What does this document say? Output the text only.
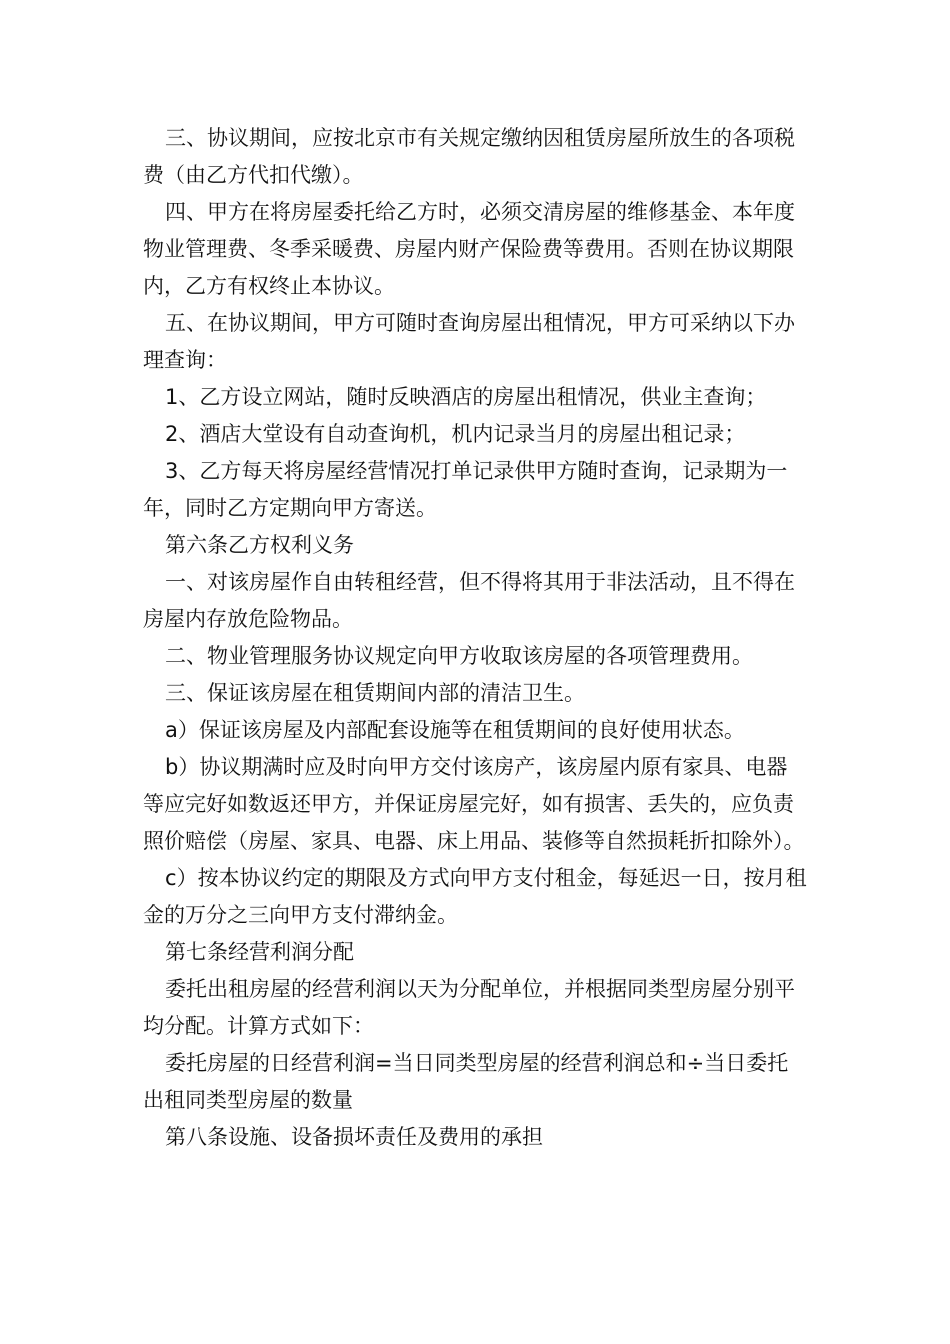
三、协议期间，应按北京市有关规定缴纳因租赁房屋所放生的各项税费（由乙方代扣代缴）。

四、甲方在将房屋委托给乙方时，必须交清房屋的维修基金、本年度物业管理费、冬季采暖费、房屋内财产保险费等费用。否则在协议期限内，乙方有权终止本协议。

五、在协议期间，甲方可随时查询房屋出租情况，甲方可采纳以下办理查询：

1、乙方设立网站，随时反映酒店的房屋出租情况，供业主查询；

2、酒店大堂设有自动查询机，机内记录当月的房屋出租记录；

3、乙方每天将房屋经营情况打单记录供甲方随时查询，记录期为一年，同时乙方定期向甲方寄送。

第六条乙方权利义务

一、对该房屋作自由转租经营，但不得将其用于非法活动，且不得在房屋内存放危险物品。

二、物业管理服务协议规定向甲方收取该房屋的各项管理费用。

三、保证该房屋在租赁期间内部的清洁卫生。

a）保证该房屋及内部配套设施等在租赁期间的良好使用状态。

b）协议期满时应及时向甲方交付该房产，该房屋内原有家具、电器等应完好如数返还甲方，并保证房屋完好，如有损害、丢失的，应负责照价赔偿（房屋、家具、电器、床上用品、装修等自然损耗折扣除外）。

c）按本协议约定的期限及方式向甲方支付租金，每延迟一日，按月租金的万分之三向甲方支付滞纳金。

第七条经营利润分配

委托出租房屋的经营利润以天为分配单位，并根据同类型房屋分别平均分配。计算方式如下：

委托房屋的日经营利润=当日同类型房屋的经营利润总和÷当日委托出租同类型房屋的数量

第八条设施、设备损坏责任及费用的承担
